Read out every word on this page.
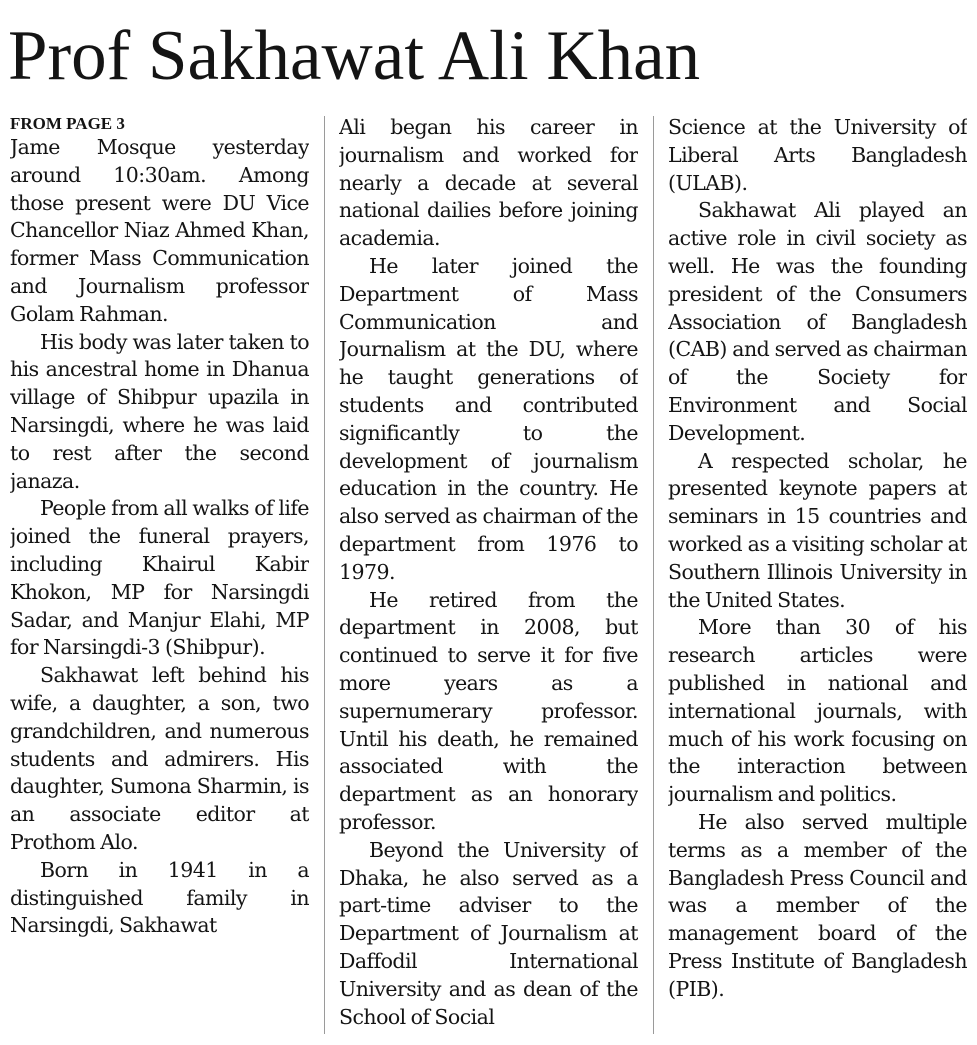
Prof Sakhawat Ali Khan
FROM PAGE 3

Jame Mosque yesterday around 10:30am. Among those present were DU Vice Chancellor Niaz Ahmed Khan, former Mass Communication and Journalism professor Golam Rahman.

His body was later taken to his ancestral home in Dhanua village of Shibpur upazila in Narsingdi, where he was laid to rest after the second janaza.

People from all walks of life joined the funeral prayers, including Khairul Kabir Khokon, MP for Narsingdi Sadar, and Manjur Elahi, MP for Narsingdi-3 (Shibpur).

Sakhawat left behind his wife, a daughter, a son, two grandchildren, and numerous students and admirers. His daughter, Sumona Sharmin, is an associate editor at Prothom Alo.

Born in 1941 in a distinguished family in Narsingdi, Sakhawat

Ali began his career in journalism and worked for nearly a decade at several national dailies before joining academia.

He later joined the Department of Mass Communication and Journalism at the DU, where he taught generations of students and contributed significantly to the development of journalism education in the country. He also served as chairman of the department from 1976 to 1979.

He retired from the department in 2008, but continued to serve it for five more years as a supernumerary professor. Until his death, he remained associated with the department as an honorary professor.

Beyond the University of Dhaka, he also served as a part-time adviser to the Department of Journalism at Daffodil International University and as dean of the School of Social

Science at the University of Liberal Arts Bangladesh (ULAB).

Sakhawat Ali played an active role in civil society as well. He was the founding president of the Consumers Association of Bangladesh (CAB) and served as chairman of the Society for Environment and Social Development.

A respected scholar, he presented keynote papers at seminars in 15 countries and worked as a visiting scholar at Southern Illinois University in the United States.

More than 30 of his research articles were published in national and international journals, with much of his work focusing on the interaction between journalism and politics.

He also served multiple terms as a member of the Bangladesh Press Council and was a member of the management board of the Press Institute of Bangladesh (PIB).
